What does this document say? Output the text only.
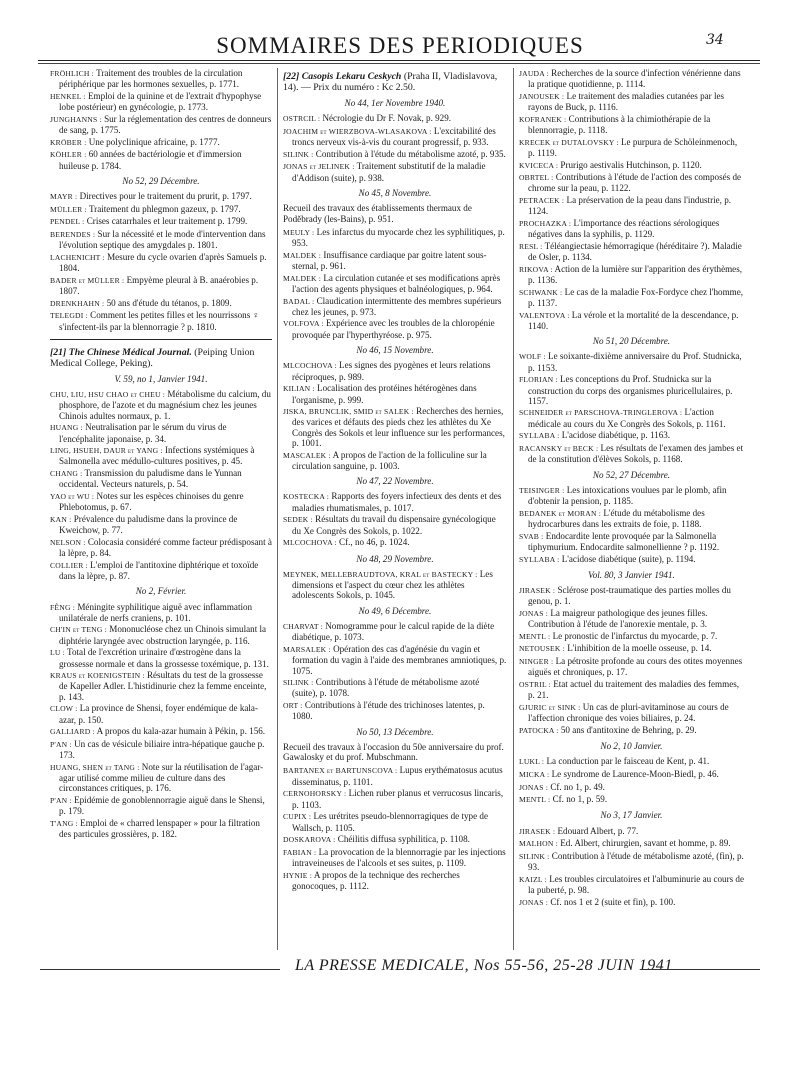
SOMMAIRES DES PERIODIQUES	34
FRÖHLICH : Traitement des troubles de la circulation périphérique par les hormones sexuelles, p. 1771.
HENKEL : Emploi de la quinine et de l'extrait d'hypophyse lobe postérieur) en gynécologie, p. 1773.
JUNGHANNS : Sur la réglementation des centres de donneurs de sang, p. 1775.
KRÖBER : Une polyclinique africaine, p. 1777.
KÖHLER : 60 années de bactériologie et d'immersion huileuse p. 1784.
No 52, 29 Décembre.
MAYR : Directives pour le traitement du prurit, p. 1797.
MÜLLER : Traitement du phlegmon gazeux, p. 1797.
PENDEL : Crises catarrhales et leur traitement p. 1799.
BERENDES : Sur la nécessité et le mode d'intervention dans l'évolution septique des amygdales p. 1801.
LACHENICHT : Mesure du cycle ovarien d'après Samuels p. 1804.
BADER et MÜLLER : Empyème pleural à B. anaérobies p. 1807.
DRENKHAHN : 50 ans d'étude du tétanos, p. 1809.
TELEGDI : Comment les petites filles et les nourrissons ♀ s'infectent-ils par la blennorragie ? p. 1810.
[21] The Chinese Médical Journal. (Peiping Union Medical College, Peking).
V. 59, no 1, Janvier 1941.
CHU, LIU, HSU CHAO et CHEU : Métabolisme du calcium, du phosphore, de l'azote et du magnésium chez les jeunes Chinois adultes normaux, p. 1.
HUANG : Neutralisation par le sérum du virus de l'encéphalite japonaise, p. 34.
LING, HSUEH, DAUR et YANG : Infections systémiques à Salmonella avec médullo-cultures positives, p. 45.
CHANG : Transmission du paludisme dans le Yunnan occidental. Vecteurs naturels, p. 54.
YAO et WU : Notes sur les espèces chinoises du genre Phlebotomus, p. 67.
KAN : Prévalence du paludisme dans la province de Kweichow, p. 77.
NELSON : Colocasia considéré comme facteur prédisposant à la lèpre, p. 84.
COLLIER : L'emploi de l'antitoxine diphtérique et toxoïde dans la lèpre, p. 87.
No 2, Février.
FÊNG : Méningite syphilitique aiguë avec inflammation unilatérale de nerfs craniens, p. 101.
CH'IN et TENG : Mononucléose chez un Chinois simulant la diphtérie laryngée avec obstruction laryngée, p. 116.
LU : Total de l'excrétion urinaire d'œstrogène dans la grossesse normale et dans la grossesse toxémique, p. 131.
KRAUS et KOENIGSTEIN : Résultats du test de la grossesse de Kapeller Adler. L'histidinurie chez la femme enceinte, p. 143.
CLOW : La province de Shensi, foyer endémique de kala-azar, p. 150.
GALLIARD : A propos du kala-azar humain à Pékin, p. 156.
P'AN : Un cas de vésicule biliaire intra-hépatique gauche p. 173.
HUANG, SHEN et TANG : Note sur la réutilisation de l'agar-agar utilisé comme milieu de culture dans des circonstances critiques, p. 176.
P'AN : Epidémie de gonoblennorragie aiguë dans le Shensi, p. 179.
T'ANG : Emploi de « charred lenspaper » pour la filtration des particules grossières, p. 182.
[22] Casopis Lekaru Ceskych (Praha II, Vladislavova, 14). — Prix du numéro : Kc 2.50.
No 44, 1er Novembre 1940.
OSTRCIL : Nécrologie du Dr F. Novak, p. 929.
JOACHIM et WIERZBOVA-WLASAKOVA : L'excitabilité des troncs nerveux vis-à-vis du courant progressif, p. 933.
SILINK : Contribution à l'étude du métabolisme azoté, p. 935.
JONAS et JELINEK : Traitement substitutif de la maladie d'Addison (suite), p. 938.
No 45, 8 Novembre.
Recueil des travaux des établissements thermaux de Poděbrady (les-Bains), p. 951.
MEULY : Les infarctus du myocarde chez les syphilitiques, p. 953.
MALDEK : Insuffisance cardiaque par goitre latent sous-sternal, p. 961.
MALDEK : La circulation cutanée et ses modifications après l'action des agents physiques et balnéologiques, p. 964.
BADAL : Claudication intermittente des membres supérieurs chez les jeunes, p. 973.
VOLFOVA : Expérience avec les troubles de la chloropénie provoquée par l'hyperthyréose. p. 975.
No 46, 15 Novembre.
MLCOCHOVA : Les signes des pyogènes et leurs relations réciproques, p. 989.
KILIAN : Localisation des protéines hétérogènes dans l'organisme, p. 999.
JISKA, BRUNCLIK, SMID et SALEK : Recherches des hernies, des varices et défauts des pieds chez les athlètes du Xe Congrès des Sokols et leur influence sur les performances, p. 1001.
MASCALEK : A propos de l'action de la folliculine sur la circulation sanguine, p. 1003.
No 47, 22 Novembre.
KOSTECKA : Rapports des foyers infectieux des dents et des maladies rhumatismales, p. 1017.
SEDEK : Résultats du travail du dispensaire gynécologique du Xe Congrès des Sokols, p. 1022.
MLCOCHOVA : Cf., no 46, p. 1024.
No 48, 29 Novembre.
MEYNEK, MELLEBRAUDTOVA, KRAL et BASTECKY : Les dimensions et l'aspect du cœur chez les athlètes adolescents Sokols, p. 1045.
No 49, 6 Décembre.
CHARVAT : Nomogramme pour le calcul rapide de la diète diabétique, p. 1073.
MARSALEK : Opération des cas d'agénésie du vagin et formation du vagin à l'aide des membranes amniotiques, p. 1075.
SILINK : Contributions à l'étude de métabolisme azoté (suite), p. 1078.
ORT : Contributions à l'étude des trichinoses latentes, p. 1080.
No 50, 13 Décembre.
Recueil des travaux à l'occasion du 50e anniversaire du prof. Gawalosky et du prof. Mubschmann.
BARTANEX et BARTUNSCOVA : Lupus erythématosus acutus disseminatus, p. 1101.
CERNOHORSKY : Lichen ruber planus et verrucosus lincaris, p. 1103.
CUPIX : Les urétrites pseudo-blennorragiques de type de Wallsch, p. 1105.
DOSKAROVA : Chéilitis diffusa syphilitica, p. 1108.
FABIAN : La provocation de la blennorragie par les injections intraveineuses de l'alcools et ses suites, p. 1109.
HYNIE : A propos de la technique des recherches gonocoques, p. 1112.
JAUDA : Recherches de la source d'infection vénérienne dans la pratique quotidienne, p. 1114.
JANOUSEK : Le traitement des maladies cutanées par les rayons de Buck, p. 1116.
KOFRANEK : Contributions à la chimiothérapie de la blennorragie, p. 1118.
KRECEK et DUTALOVSKY : Le purpura de Schöleinmenoch, p. 1119.
KVICECA : Prurigo aestivalis Hutchinson, p. 1120.
OBRTEL : Contributions à l'étude de l'action des composés de chrome sur la peau, p. 1122.
PETRACEK : La préservation de la peau dans l'industrie, p. 1124.
PROCHAZKA : L'importance des réactions sérologiques négatives dans la syphilis, p. 1129.
RESL : Téléangiectasie hémorragique (héréditaire ?). Maladie de Osler, p. 1134.
RIKOVA : Action de la lumière sur l'apparition des érythèmes, p. 1136.
SCHWANK : Le cas de la maladie Fox-Fordyce chez l'homme, p. 1137.
VALENTOVA : La vérole et la mortalité de la descendance, p. 1140.
No 51, 20 Décembre.
WOLF : Le soixante-dixième anniversaire du Prof. Studnicka, p. 1153.
FLORIAN : Les conceptions du Prof. Studnicka sur la construction du corps des organismes pluricellulaires, p. 1157.
SCHNEIDER et PARSCHOVA-TRINGLEROVA : L'action médicale au cours du Xe Congrès des Sokols, p. 1161.
SYLLABA : L'acidose diabétique, p. 1163.
RACANSKY et BECK : Les résultats de l'examen des jambes et de la constitution d'élèves Sokols, p. 1168.
No 52, 27 Décembre.
TEISINGER : Les intoxications voulues par le plomb, afin d'obtenir la pension, p. 1185.
BEDANEK et MORAN : L'étude du métabolisme des hydrocarbures dans les extraits de foie, p. 1188.
SVAB : Endocardite lente provoquée par la Salmonella tiphymurium. Endocardite salmonellienne ? p. 1192.
SYLLABA : L'acidose diabétique (suite), p. 1194.
Vol. 80, 3 Janvier 1941.
JIRASEK : Sclérose post-traumatique des parties molles du genou, p. 1.
JONAS : La maigreur pathologique des jeunes filles. Contribution à l'étude de l'anorexie mentale, p. 3.
MENTL : Le pronostic de l'infarctus du myocarde, p. 7.
NETOUSEK : L'inhibition de la moelle osseuse, p. 14.
NINGER : La pétrosite profonde au cours des otites moyennes aiguës et chroniques, p. 17.
OSTRIL : Etat actuel du traitement des maladies des femmes, p. 21.
GJURIC et SINK : Un cas de pluri-avitaminose au cours de l'affection chronique des voies biliaires, p. 24.
PATOCKA : 50 ans d'antitoxine de Behring, p. 29.
No 2, 10 Janvier.
LUKL : La conduction par le faisceau de Kent, p. 41.
MICKA : Le syndrome de Laurence-Moon-Biedl, p. 46.
JONAS : Cf. no 1, p. 49.
MENTL : Cf. no 1, p. 59.
No 3, 17 Janvier.
JIRASEK : Edouard Albert, p. 77.
MALHON : Ed. Albert, chirurgien, savant et homme, p. 89.
SILINK : Contribution à l'étude de métabolisme azoté, (fin), p. 93.
KAIZL : Les troubles circulatoires et l'albuminurie au cours de la puberté, p. 98.
JONAS : Cf. nos 1 et 2 (suite et fin), p. 100.
LA PRESSE MEDICALE, Nos 55-56, 25-28 JUIN 1941
